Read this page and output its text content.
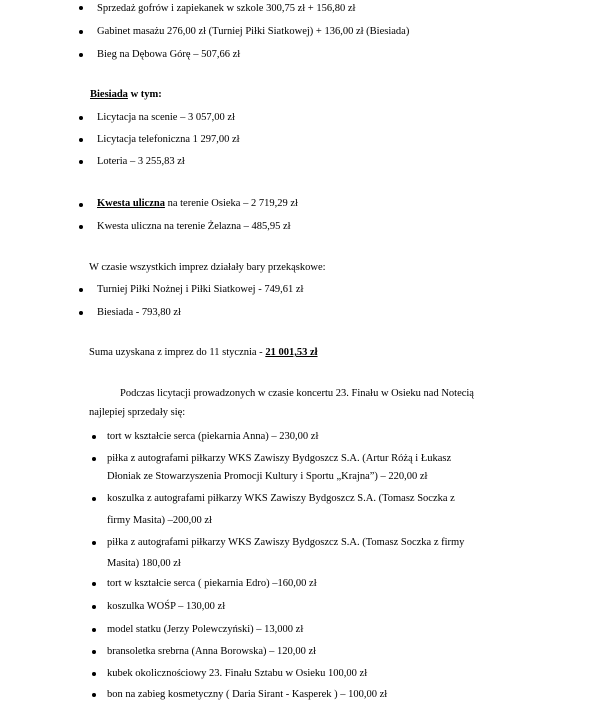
Sprzedaż gofrów i zapiekanek w szkole 300,75 zł + 156,80 zł
Gabinet masażu 276,00 zł (Turniej Piłki Siatkowej) + 136,00 zł (Biesiada)
Bieg na Dębowa Górę – 507,66 zł
Biesiada w tym:
Licytacja na scenie – 3 057,00 zł
Licytacja telefoniczna 1 297,00 zł
Loteria – 3 255,83 zł
Kwesta uliczna na terenie Osieka – 2 719,29 zł
Kwesta uliczna na terenie Żelazna – 485,95 zł
W czasie wszystkich imprez działały bary przekąskowe:
Turniej Piłki Nożnej i Piłki Siatkowej - 749,61 zł
Biesiada - 793,80 zł
Suma uzyskana z imprez do 11 stycznia - 21 001,53 zł
Podczas licytacji prowadzonych w czasie koncertu 23. Finału w Osieku nad Notecią
najlepiej sprzedały się:
tort w kształcie serca (piekarnia Anna) – 230,00 zł
piłka z autografami piłkarzy WKS Zawiszy Bydgoszcz S.A. (Artur Różą i Łukasz
Dłoniak ze Stowarzyszenia Promocji Kultury i Sportu „Krajna”) – 220,00 zł
koszulka z autografami piłkarzy WKS Zawiszy Bydgoszcz S.A. (Tomasz Soczka z
firmy Masita) –200,00 zł
piłka z autografami piłkarzy WKS Zawiszy Bydgoszcz S.A. (Tomasz Soczka z firmy
Masita) 180,00 zł
tort w kształcie serca ( piekarnia Edro) –160,00 zł
koszulka WOŚP – 130,00 zł
model statku (Jerzy Polewczyński) – 13,000 zł
bransoletka srebrna (Anna Borowska) – 120,00 zł
kubek okolicznościowy 23. Finału Sztabu w Osieku 100,00 zł
bon na zabieg kosmetyczny ( Daria Sirant - Kasperek ) – 100,00 zł
